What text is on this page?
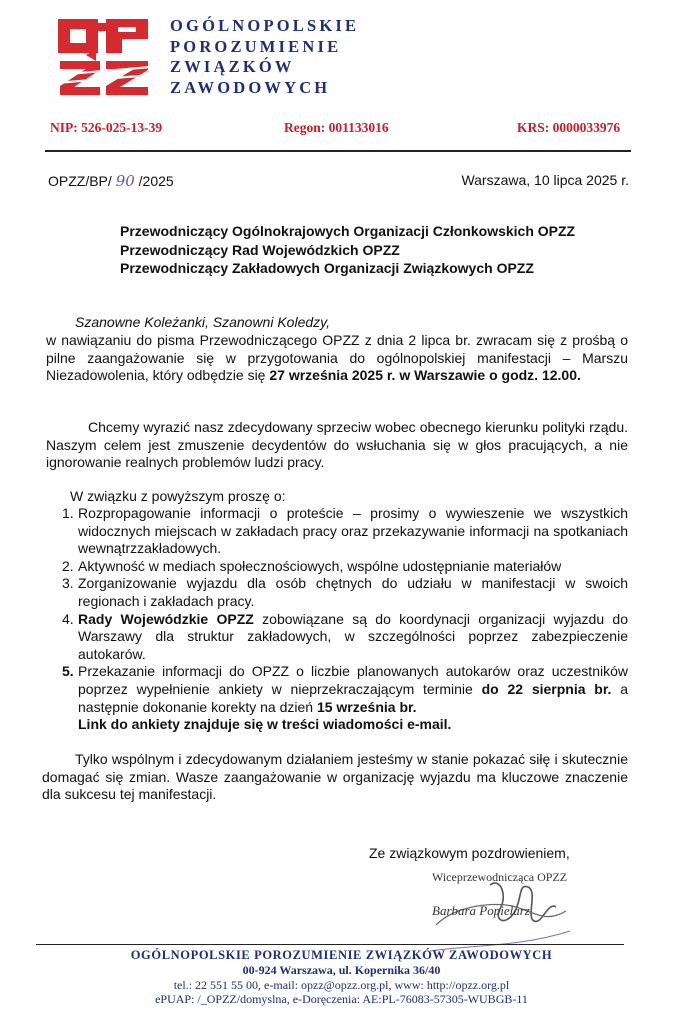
OGÓLNOPOLSKIE
POROZUMIENIE
ZWIĄZKÓW
ZAWODOWYCH
NIP: 526-025-13-39	Regon: 001133016	KRS: 0000033976
OPZZ/BP/ 90 /2025	Warszawa, 10 lipca 2025 r.
Przewodniczący Ogólnokrajowych Organizacji Członkowskich OPZZ
Przewodniczący Rad Wojewódzkich OPZZ
Przewodniczący Zakładowych Organizacji Związkowych OPZZ
Szanowne Koleżanki, Szanowni Koledzy,
w nawiązaniu do pisma Przewodniczącego OPZZ z dnia 2 lipca br. zwracam się z prośbą o pilne zaangażowanie się w przygotowania do ogólnopolskiej manifestacji – Marszu Niezadowolenia, który odbędzie się 27 września 2025 r. w Warszawie o godz. 12.00.
Chcemy wyrazić nasz zdecydowany sprzeciw wobec obecnego kierunku polityki rządu. Naszym celem jest zmuszenie decydentów do wsłuchania się w głos pracujących, a nie ignorowanie realnych problemów ludzi pracy.
W związku z powyższym proszę o:
1. Rozpropagowanie informacji o proteście – prosimy o wywieszenie we wszystkich widocznych miejscach w zakładach pracy oraz przekazywanie informacji na spotkaniach wewnątrzzakładowych.
2. Aktywność w mediach społecznościowych, wspólne udostępnianie materiałów
3. Zorganizowanie wyjazdu dla osób chętnych do udziału w manifestacji w swoich regionach i zakładach pracy.
4. Rady Wojewódzkie OPZZ zobowiązane są do koordynacji organizacji wyjazdu do Warszawy dla struktur zakładowych, w szczególności poprzez zabezpieczenie autokarów.
5. Przekazanie informacji do OPZZ o liczbie planowanych autokarów oraz uczestników poprzez wypełnienie ankiety w nieprzekraczającym terminie do 22 sierpnia br. a następnie dokonanie korekty na dzień 15 września br.
Link do ankiety znajduje się w treści wiadomości e-mail.
Tylko wspólnym i zdecydowanym działaniem jesteśmy w stanie pokazać siłę i skutecznie domagać się zmian. Wasze zaangażowanie w organizację wyjazdu ma kluczowe znaczenie dla sukcesu tej manifestacji.
Ze związkowym pozdrowieniem,
Wiceprzewodnicząca OPZZ
Barbara Popielarz
OGÓLNOPOLSKIE POROZUMIENIE ZWIĄZKÓW ZAWODOWYCH
00-924 Warszawa, ul. Kopernika 36/40
tel.: 22 551 55 00, e-mail: opzz@opzz.org.pl, www: http://opzz.org.pl
ePUAP: /_OPZZ/domyslna, e-Doręczenia: AE:PL-76083-57305-WUBGB-11
